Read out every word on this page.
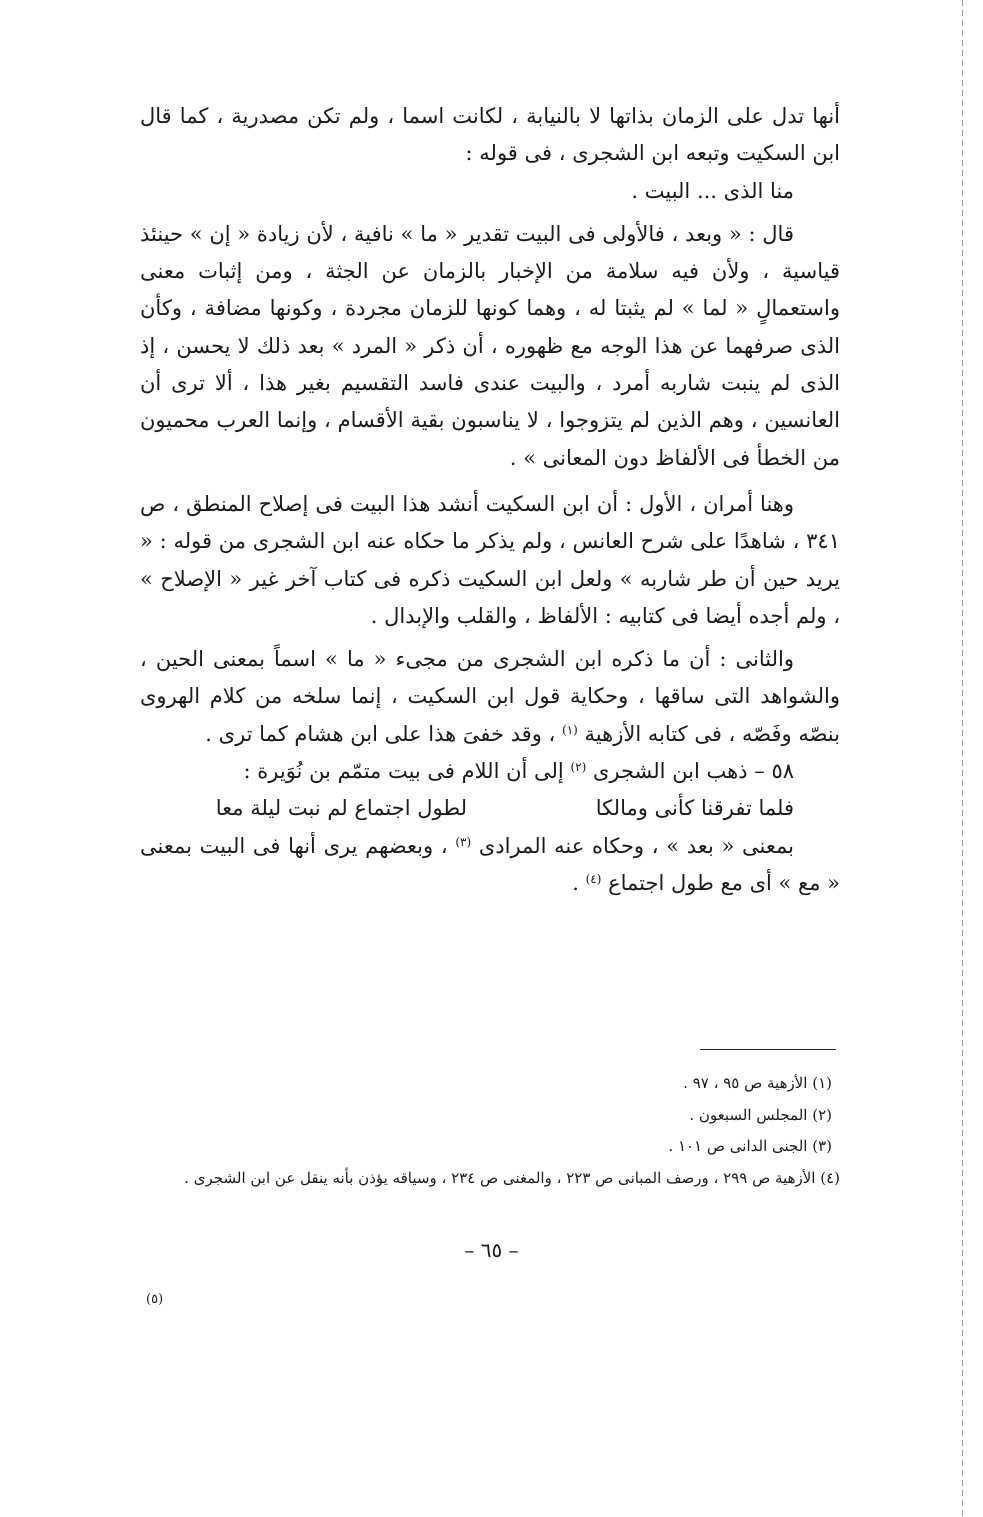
أنها تدل على الزمان بذاتها لا بالنيابة ، لكانت اسما ، ولم تكن مصدرية ، كما قال ابن السكيت وتبعه ابن الشجرى ، فى قوله :

منا الذى ... البيت .

قال : « وبعد ، فالأولى فى البيت تقدير « ما » نافية ، لأن زيادة « إن » حينئذ قياسية ، ولأن فيه سلامة من الإخبار بالزمان عن الجثة ، ومن إثبات معنى واستعمالٍ « لما » لم يثبتا له ، وهما كونها للزمان مجردة ، وكونها مضافة ، وكأن الذى صرفهما عن هذا الوجه مع ظهوره ، أن ذكر « المرد » بعد ذلك لا يحسن ، إذ الذى لم ينبت شاربه أمرد ، والبيت عندى فاسد التقسيم بغير هذا ، ألا ترى أن العانسين ، وهم الذين لم يتزوجوا ، لا يناسبون بقية الأقسام ، وإنما العرب محميون من الخطأ فى الألفاظ دون المعانى » .

وهنا أمران ، الأول : أن ابن السكيت أنشد هذا البيت فى إصلاح المنطق ، ص ٣٤١ ، شاهدًا على شرح العانس ، ولم يذكر ما حكاه عنه ابن الشجرى من قوله : « يريد حين أن طر شاربه » ولعل ابن السكيت ذكره فى كتاب آخر غير « الإصلاح » ، ولم أجده أيضا فى كتابيه : الألفاظ ، والقلب والإبدال .

والثانى : أن ما ذكره ابن الشجرى من مجىء « ما » اسماً بمعنى الحين ، والشواهد التى ساقها ، وحكاية قول ابن السكيت ، إنما سلخه من كلام الهروى بنصّه وفَصّه ، فى كتابه الأزهية $^{(١)}$ ، وقد خفىَ هذا على ابن هشام كما ترى .

٥٨ – ذهب ابن الشجرى $^{(٢)}$ إلى أن اللام فى بيت متمّم بن نُوَيرة :

فلما تفرقنا كأنى ومالكا
لطول اجتماع لم نبت ليلة معا

بمعنى « بعد » ، وحكاه عنه المرادى $^{(٣)}$ ، وبعضهم يرى أنها فى البيت بمعنى « مع » أى مع طول اجتماع $^{(٤)}$ .

(١) الأزهية ص ٩٥ ، ٩٧ .

(٢) المجلس السبعون .

(٣) الجنى الدانى ص ١٠١ .

(٤) الأزهية ص ٢٩٩ ، ورصف المبانى ص ٢٢٣ ، والمغنى ص ٢٣٤ ، وسياقه يؤذن بأنه ينقل عن ابن الشجرى .

– ٦٥ –
(٥)
